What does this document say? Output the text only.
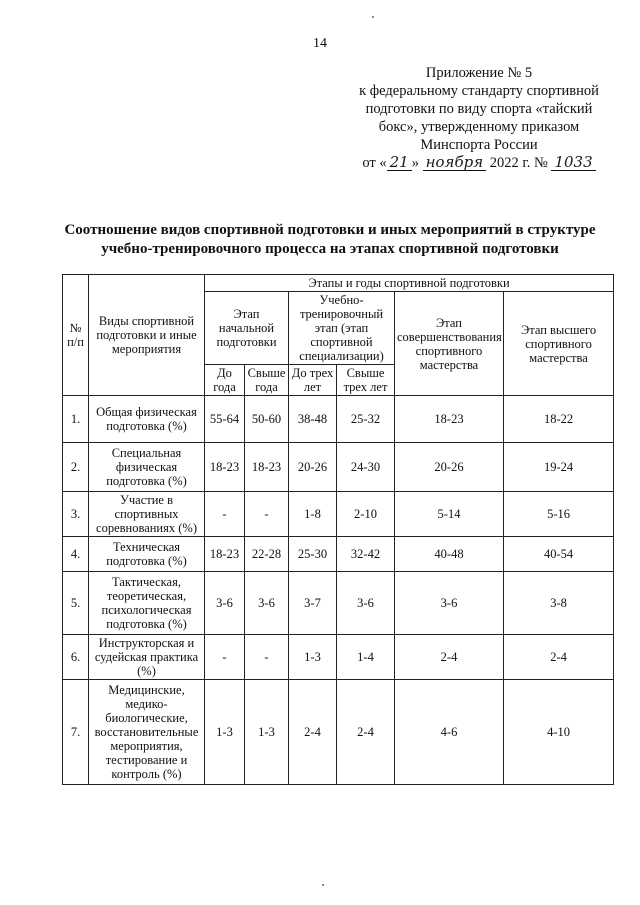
14
Приложение № 5
к федеральному стандарту спортивной
подготовки по виду спорта «тайский
бокс», утвержденному приказом
Минспорта России
от « 21 » ноября 2022 г. № 1033
Соотношение видов спортивной подготовки и иных мероприятий в структуре
учебно-тренировочного процесса на этапах спортивной подготовки
№ п/п	Виды спортивной подготовки и иные мероприятия	Этапы и годы спортивной подготовки					
		Этап начальной подготовки		Учебно-тренировочный этап (этап спортивной специализации)		Этап совершенствования спортивного мастерства	Этап высшего спортивного мастерства
		До года	Свыше года	До трех лет	Свыше трех лет		
1.	Общая физическая подготовка (%)	55-64	50-60	38-48	25-32	18-23	18-22
2.	Специальная физическая подготовка (%)	18-23	18-23	20-26	24-30	20-26	19-24
3.	Участие в спортивных соревнованиях (%)	-	-	1-8	2-10	5-14	5-16
4.	Техническая подготовка (%)	18-23	22-28	25-30	32-42	40-48	40-54
5.	Тактическая, теоретическая, психологическая подготовка (%)	3-6	3-6	3-7	3-6	3-6	3-8
6.	Инструкторская и судейская практика (%)	-	-	1-3	1-4	2-4	2-4
7.	Медицинские, медико-биологические, восстановительные мероприятия, тестирование и контроль (%)	1-3	1-3	2-4	2-4	4-6	4-10
